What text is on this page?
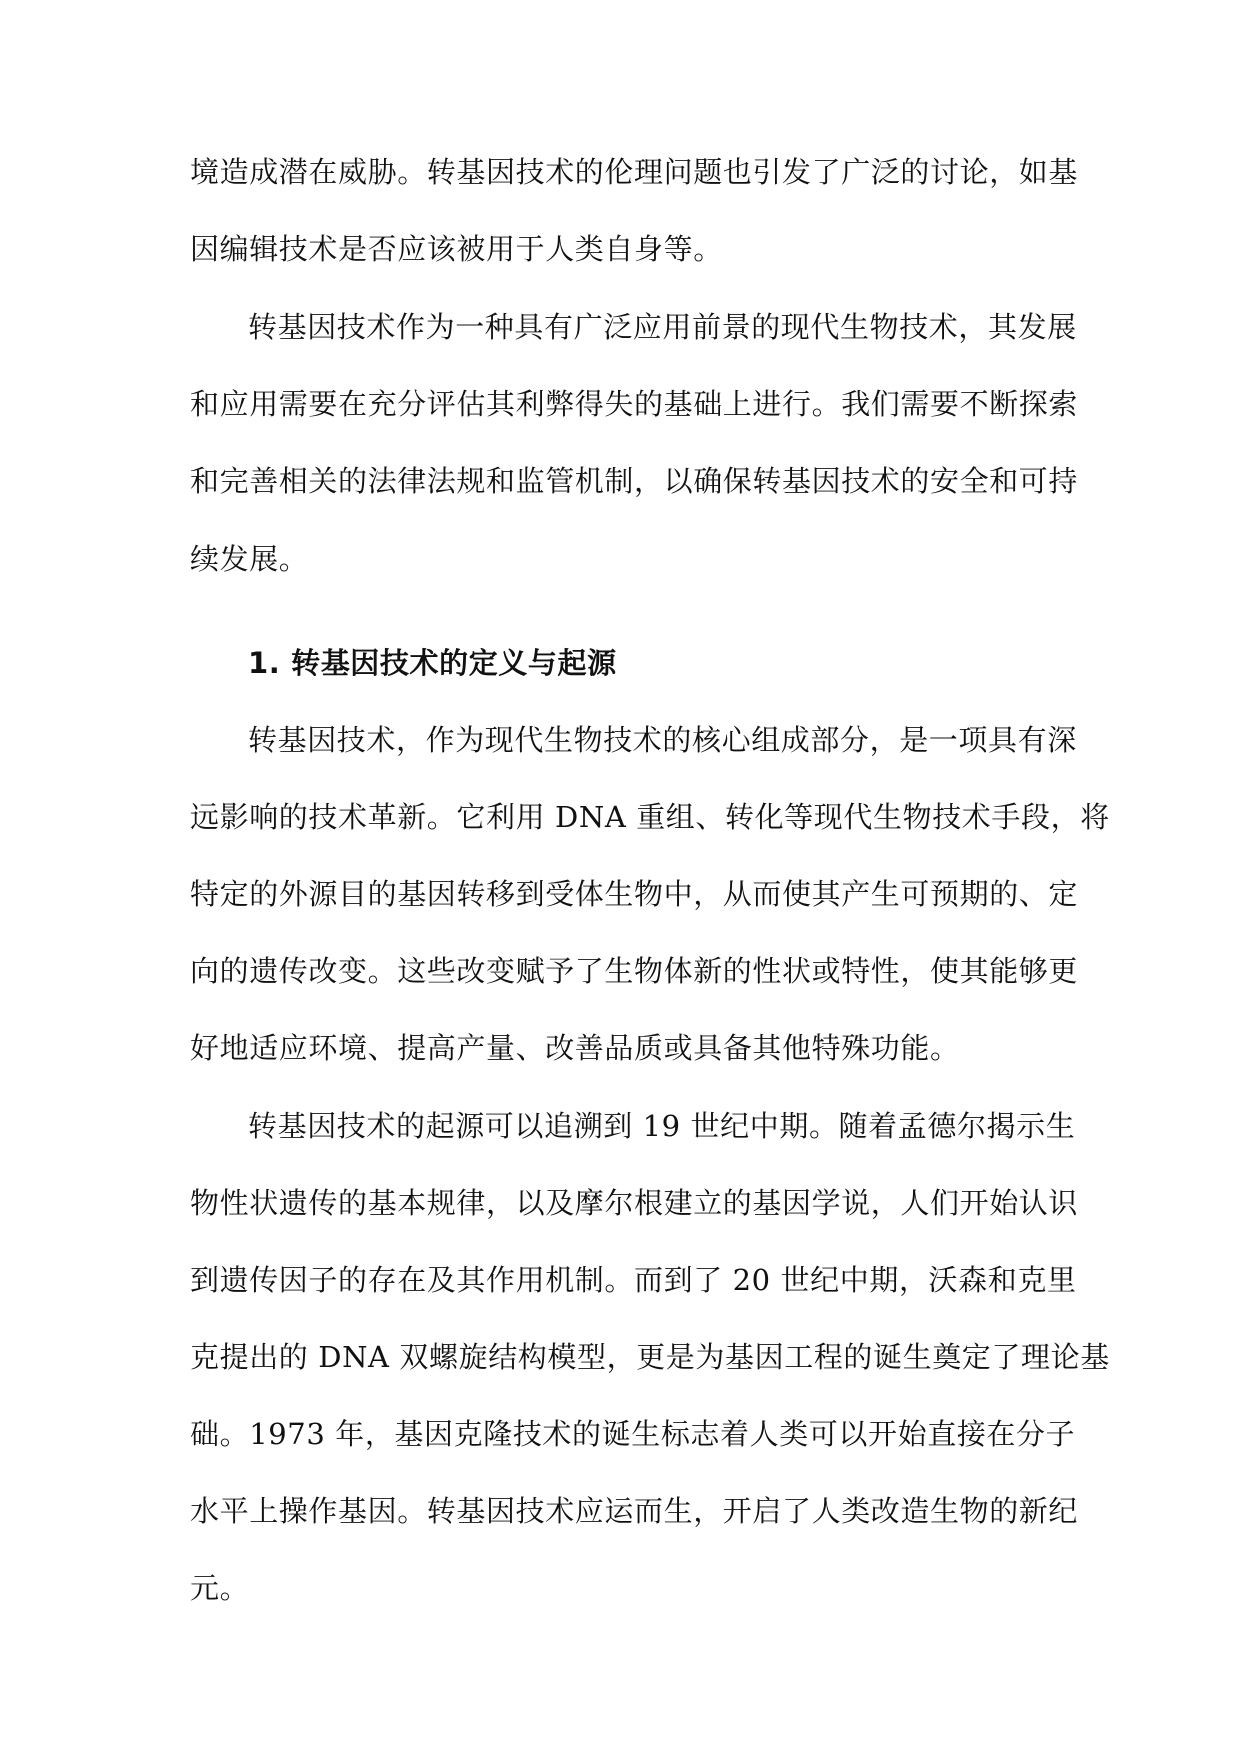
境造成潜在威胁。转基因技术的伦理问题也引发了广泛的讨论，如基
因编辑技术是否应该被用于人类自身等。
转基因技术作为一种具有广泛应用前景的现代生物技术，其发展
和应用需要在充分评估其利弊得失的基础上进行。我们需要不断探索
和完善相关的法律法规和监管机制，以确保转基因技术的安全和可持
续发展。
1. 转基因技术的定义与起源
转基因技术，作为现代生物技术的核心组成部分，是一项具有深
远影响的技术革新。它利用 DNA 重组、转化等现代生物技术手段，将
特定的外源目的基因转移到受体生物中，从而使其产生可预期的、定
向的遗传改变。这些改变赋予了生物体新的性状或特性，使其能够更
好地适应环境、提高产量、改善品质或具备其他特殊功能。
转基因技术的起源可以追溯到 19 世纪中期。随着孟德尔揭示生
物性状遗传的基本规律，以及摩尔根建立的基因学说，人们开始认识
到遗传因子的存在及其作用机制。而到了 20 世纪中期，沃森和克里
克提出的 DNA 双螺旋结构模型，更是为基因工程的诞生奠定了理论基
础。1973 年，基因克隆技术的诞生标志着人类可以开始直接在分子
水平上操作基因。转基因技术应运而生，开启了人类改造生物的新纪
元。
